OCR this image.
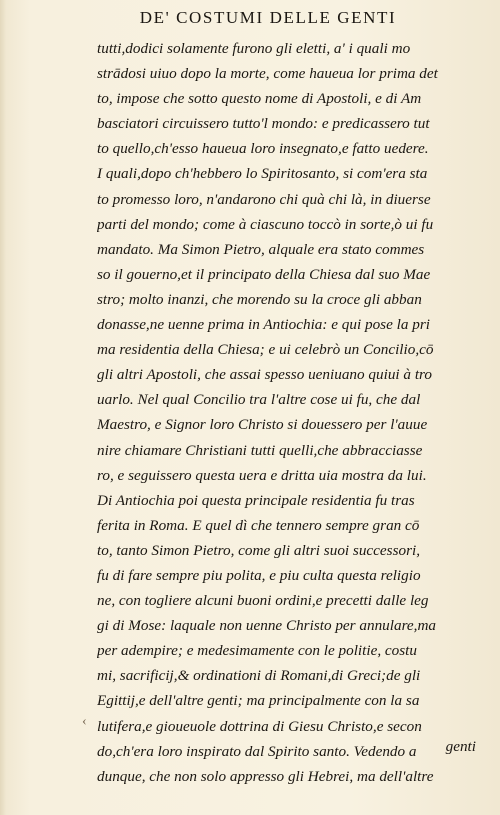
DE' COSTUMI DELLE GENTI
tutti,dodici solamente furono gli eletti, a' i quali mo
strādosi uiuo dopo la morte, come haueua lor prima det
to, impose che sotto questo nome di Apostoli, e di Am
basciatori circuissero tutto'l mondo: e predicassero tut
to quello,ch'esso haueua loro insegnato,e fatto uedere.
I quali,dopo ch'hebbero lo Spiritosanto, si com'era sta
to promesso loro, n'andarono chi quà chi là, in diuerse
parti del mondo; come à ciascuno toccò in sorte,ò ui fu
mandato. Ma Simon Pietro, alquale era stato commes
so il gouerno,et il principato della Chiesa dal suo Mae
stro; molto inanzi, che morendo su la croce gli abban
donasse,ne uenne prima in Antiochia: e qui pose la pri
ma residentia della Chiesa; e ui celebrò un Concilio,cō
gli altri Apostoli, che assai spesso ueniuano quiui à tro
uarlo. Nel qual Concilio tra l'altre cose ui fu, che dal
Maestro, e Signor loro Christo si douessero per l'auue
nire chiamare Christiani tutti quelli,che abbracciasse
ro, e seguissero questa uera e dritta uia mostra da lui.
Di Antiochia poi questa principale residentia fu tras
ferita in Roma. E quel dì che tennero sempre gran cō
to, tanto Simon Pietro, come gli altri suoi successori,
fu di fare sempre piu polita, e piu culta questa religio
ne, con togliere alcuni buoni ordini,e precetti dalle leg
gi di Mose: laquale non uenne Christo per annulare,ma
per adempire; e medesimamente con le politie, costu
mi, sacrificij,& ordinationi di Romani,di Greci;de gli
Egittij,e dell'altre genti; ma principalmente con la sa
lutifera,e gioueuole dottrina di Giesu Christo,e secon
do,ch'era loro inspirato dal Spirito santo. Vedendo a
dunque, che non solo appresso gli Hebrei, ma dell'altre
‹
genti
